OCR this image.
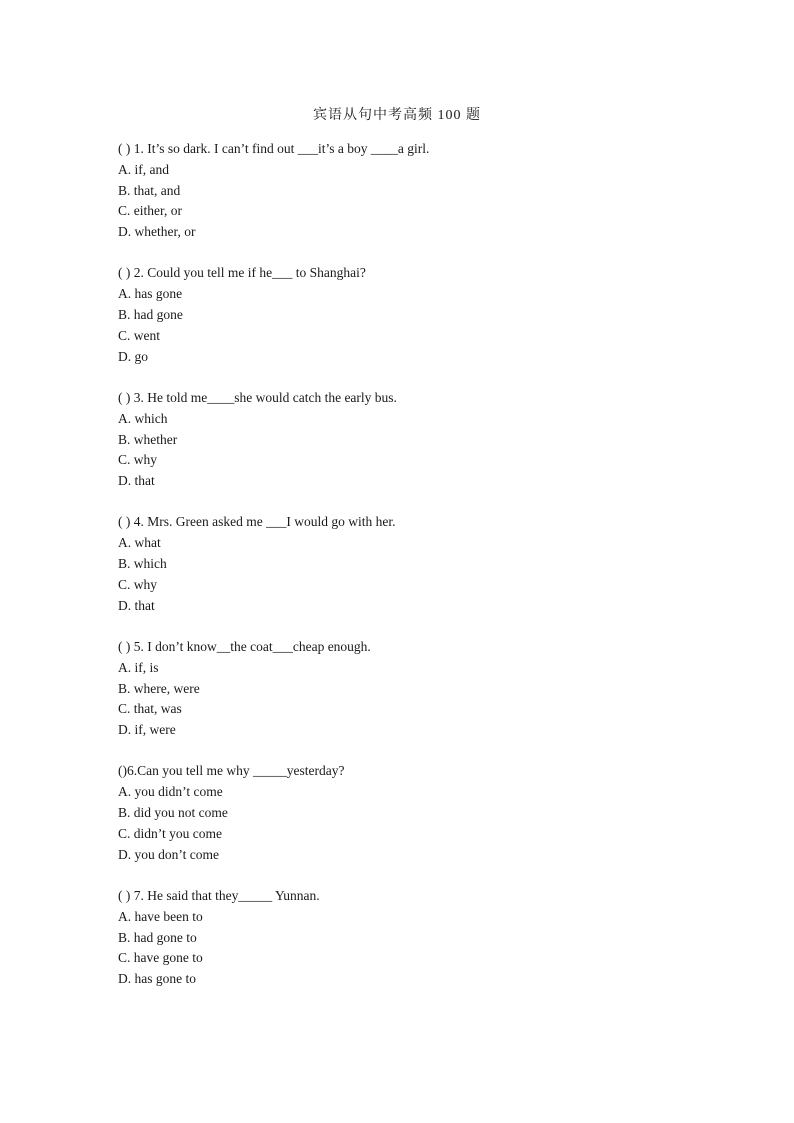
宾语从句中考高频 100 题
( ) 1. It’s so dark. I can’t find out ___it’s a boy ____a girl.
A. if, and
B. that, and
C. either, or
D. whether, or
( ) 2. Could you tell me if he___ to Shanghai?
A. has gone
B. had gone
C. went
D. go
( ) 3. He told me____she would catch the early bus.
A. which
B. whether
C. why
D. that
( ) 4. Mrs. Green asked me ___I would go with her.
A. what
B. which
C. why
D. that
( ) 5. I don’t know__the coat___cheap enough.
A. if, is
B. where, were
C. that, was
D. if, were
()6.Can you tell me why _____yesterday?
A. you didn’t come
B. did you not come
C. didn’t you come
D. you don’t come
( ) 7. He said that they_____ Yunnan.
A. have been to
B. had gone to
C. have gone to
D. has gone to
